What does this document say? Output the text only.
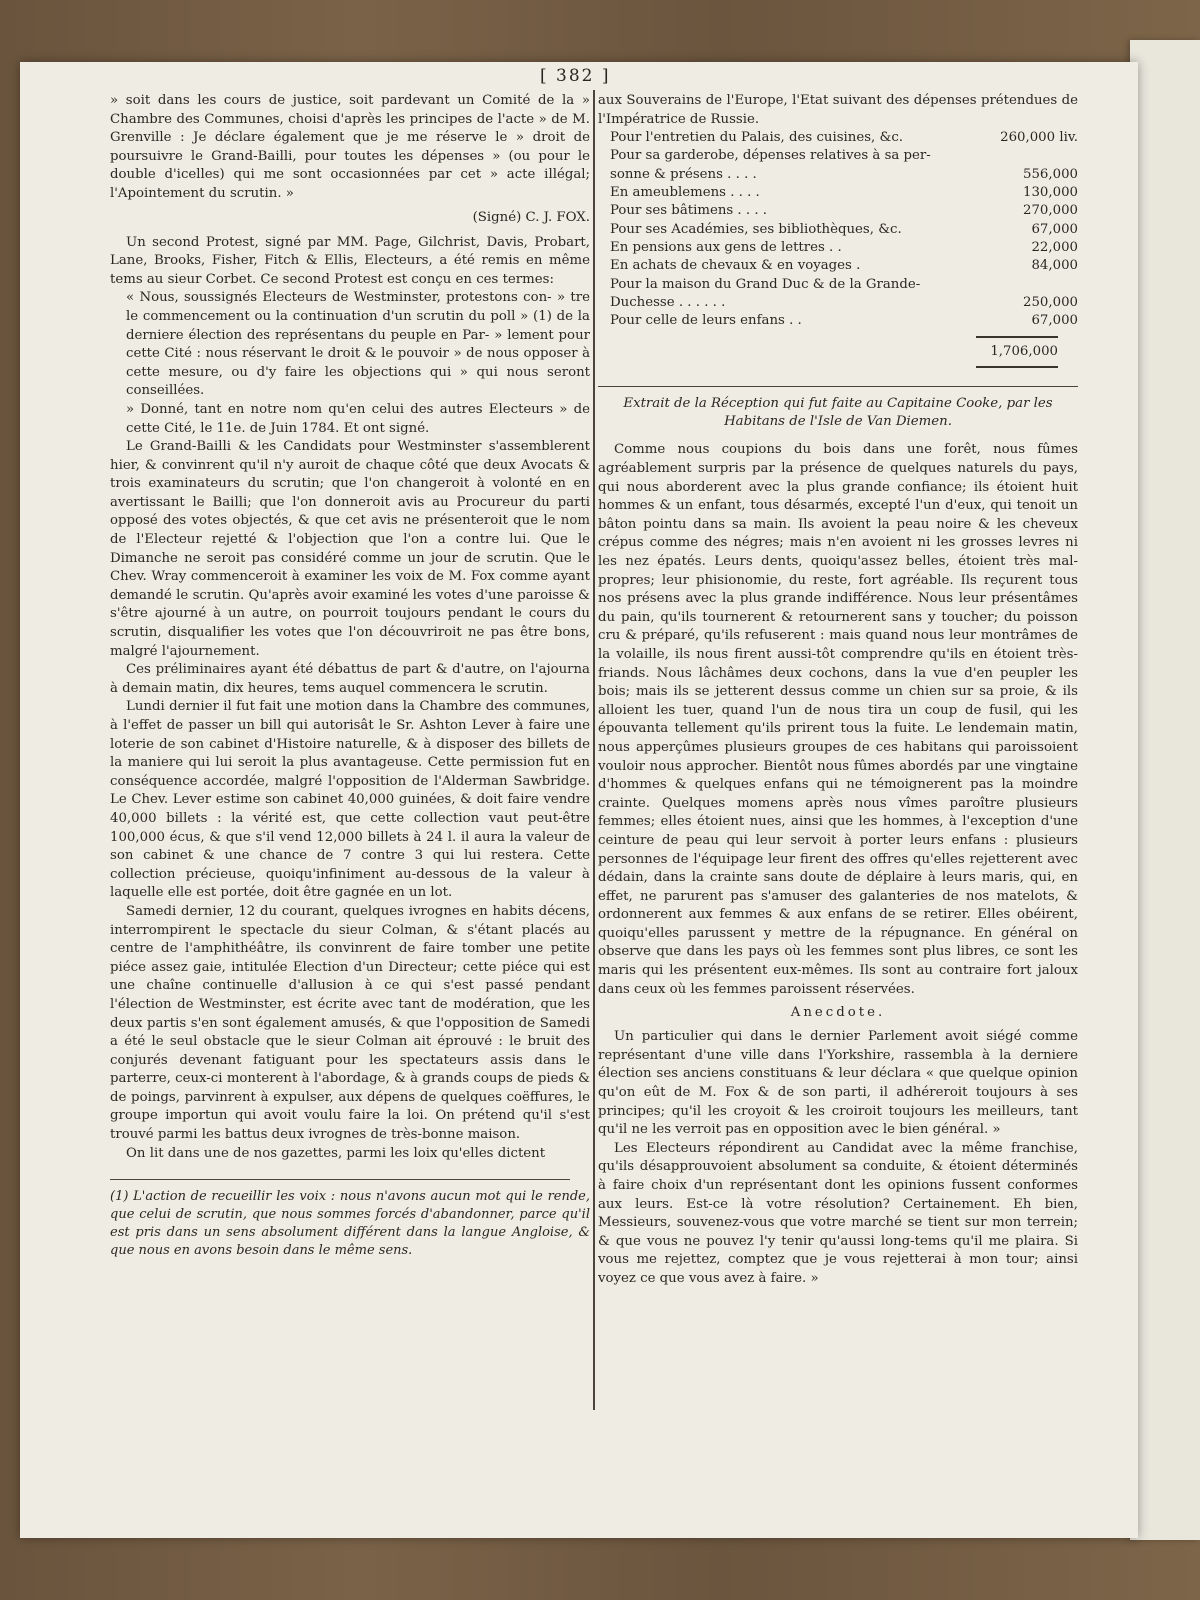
[ 382 ]

» soit dans les cours de justice, soit pardevant un Comité de la » Chambre des Communes, choisi d'après les principes de l'acte » de M. Grenville : Je déclare également que je me réserve le » droit de poursuivre le Grand-Bailli, pour toutes les dépenses » (ou pour le double d'icelles) qui me sont occasionnées par cet » acte illégal; l'Apointement du scrutin. »

(Signé) C. J. FOX.

Un second Protest, signé par MM. Page, Gilchrist, Davis, Probart, Lane, Brooks, Fisher, Fitch & Ellis, Electeurs, a été remis en même tems au sieur Corbet. Ce second Protest est conçu en ces termes:

« Nous, soussignés Electeurs de Westminster, protestons con- » tre le commencement ou la continuation d'un scrutin du poll » (1) de la derniere élection des représentans du peuple en Par- » lement pour cette Cité : nous réservant le droit & le pouvoir » de nous opposer à cette mesure, ou d'y faire les objections qui » qui nous seront conseillées.

» Donné, tant en notre nom qu'en celui des autres Electeurs » de cette Cité, le 11e. de Juin 1784. Et ont signé.

Le Grand-Bailli & les Candidats pour Westminster s'assemblerent hier, & convinrent qu'il n'y auroit de chaque côté que deux Avocats & trois examinateurs du scrutin; que l'on changeroit à volonté en en avertissant le Bailli; que l'on donneroit avis au Procureur du parti opposé des votes objectés, & que cet avis ne présenteroit que le nom de l'Electeur rejetté & l'objection que l'on a contre lui. Que le Dimanche ne seroit pas considéré comme un jour de scrutin. Que le Chev. Wray commenceroit à examiner les voix de M. Fox comme ayant demandé le scrutin. Qu'après avoir examiné les votes d'une paroisse & s'être ajourné à un autre, on pourroit toujours pendant le cours du scrutin, disqualifier les votes que l'on découvriroit ne pas être bons, malgré l'ajournement.

Ces préliminaires ayant été débattus de part & d'autre, on l'ajourna à demain matin, dix heures, tems auquel commencera le scrutin.

Lundi dernier il fut fait une motion dans la Chambre des communes, à l'effet de passer un bill qui autorisât le Sr. Ashton Lever à faire une loterie de son cabinet d'Histoire naturelle, & à disposer des billets de la maniere qui lui seroit la plus avantageuse. Cette permission fut en conséquence accordée, malgré l'opposition de l'Alderman Sawbridge. Le Chev. Lever estime son cabinet 40,000 guinées, & doit faire vendre 40,000 billets : la vérité est, que cette collection vaut peut-être 100,000 écus, & que s'il vend 12,000 billets à 24 l. il aura la valeur de son cabinet & une chance de 7 contre 3 qui lui restera. Cette collection précieuse, quoiqu'infiniment au-dessous de la valeur à laquelle elle est portée, doit être gagnée en un lot.

Samedi dernier, 12 du courant, quelques ivrognes en habits décens, interrompirent le spectacle du sieur Colman, & s'étant placés au centre de l'amphithéâtre, ils convinrent de faire tomber une petite piéce assez gaie, intitulée Election d'un Directeur; cette piéce qui est une chaîne continuelle d'allusion à ce qui s'est passé pendant l'élection de Westminster, est écrite avec tant de modération, que les deux partis s'en sont également amusés, & que l'opposition de Samedi a été le seul obstacle que le sieur Colman ait éprouvé : le bruit des conjurés devenant fatiguant pour les spectateurs assis dans le parterre, ceux-ci monterent à l'abordage, & à grands coups de pieds & de poings, parvinrent à expulser, aux dépens de quelques coëffures, le groupe importun qui avoit voulu faire la loi. On prétend qu'il s'est trouvé parmi les battus deux ivrognes de très-bonne maison.

On lit dans une de nos gazettes, parmi les loix qu'elles dictent

(1) L'action de recueillir les voix : nous n'avons aucun mot qui le rende, que celui de scrutin, que nous sommes forcés d'abandonner, parce qu'il est pris dans un sens absolument différent dans la langue Angloise, & que nous en avons besoin dans le même sens.

aux Souverains de l'Europe, l'Etat suivant des dépenses prétendues de l'Impératrice de Russie.

Pour l'entretien du Palais, des cuisines, &c.	260,000 liv.
Pour sa garderobe, dépenses relatives à sa per-
sonne & présens . . . .	556,000
En ameublemens . . . .	130,000
Pour ses bâtimens . . . .	270,000
Pour ses Académies, ses bibliothèques, &c.	67,000
En pensions aux gens de lettres . .	22,000
En achats de chevaux & en voyages .	84,000
Pour la maison du Grand Duc & de la Grande-
Duchesse . . . . . .	250,000
Pour celle de leurs enfans . .	67,000
1,706,000

Extrait de la Réception qui fut faite au Capitaine Cooke, par les Habitans de l'Isle de Van Diemen.

Comme nous coupions du bois dans une forêt, nous fûmes agréablement surpris par la présence de quelques naturels du pays, qui nous aborderent avec la plus grande confiance; ils étoient huit hommes & un enfant, tous désarmés, excepté l'un d'eux, qui tenoit un bâton pointu dans sa main. Ils avoient la peau noire & les cheveux crépus comme des négres; mais n'en avoient ni les grosses levres ni les nez épatés. Leurs dents, quoiqu'assez belles, étoient très mal-propres; leur phisionomie, du reste, fort agréable. Ils reçurent tous nos présens avec la plus grande indifférence. Nous leur présentâmes du pain, qu'ils tournerent & retournerent sans y toucher; du poisson cru & préparé, qu'ils refuserent : mais quand nous leur montrâmes de la volaille, ils nous firent aussi-tôt comprendre qu'ils en étoient très-friands. Nous lâchâmes deux cochons, dans la vue d'en peupler les bois; mais ils se jetterent dessus comme un chien sur sa proie, & ils alloient les tuer, quand l'un de nous tira un coup de fusil, qui les épouvanta tellement qu'ils prirent tous la fuite. Le lendemain matin, nous apperçûmes plusieurs groupes de ces habitans qui paroissoient vouloir nous approcher. Bientôt nous fûmes abordés par une vingtaine d'hommes & quelques enfans qui ne témoignerent pas la moindre crainte. Quelques momens après nous vîmes paroître plusieurs femmes; elles étoient nues, ainsi que les hommes, à l'exception d'une ceinture de peau qui leur servoit à porter leurs enfans : plusieurs personnes de l'équipage leur firent des offres qu'elles rejetterent avec dédain, dans la crainte sans doute de déplaire à leurs maris, qui, en effet, ne parurent pas s'amuser des galanteries de nos matelots, & ordonnerent aux femmes & aux enfans de se retirer. Elles obéirent, quoiqu'elles parussent y mettre de la répugnance. En général on observe que dans les pays où les femmes sont plus libres, ce sont les maris qui les présentent eux-mêmes. Ils sont au contraire fort jaloux dans ceux où les femmes paroissent réservées.

Anecdote.

Un particulier qui dans le dernier Parlement avoit siégé comme représentant d'une ville dans l'Yorkshire, rassembla à la derniere élection ses anciens constituans & leur déclara « que quelque opinion qu'on eût de M. Fox & de son parti, il adhéreroit toujours à ses principes; qu'il les croyoit & les croiroit toujours les meilleurs, tant qu'il ne les verroit pas en opposition avec le bien général. »

Les Electeurs répondirent au Candidat avec la même franchise, qu'ils désapprouvoient absolument sa conduite, & étoient déterminés à faire choix d'un représentant dont les opinions fussent conformes aux leurs. Est-ce là votre résolution? Certainement. Eh bien, Messieurs, souvenez-vous que votre marché se tient sur mon terrein; & que vous ne pouvez l'y tenir qu'aussi long-tems qu'il me plaira. Si vous me rejettez, comptez que je vous rejetterai à mon tour; ainsi voyez ce que vous avez à faire. »
